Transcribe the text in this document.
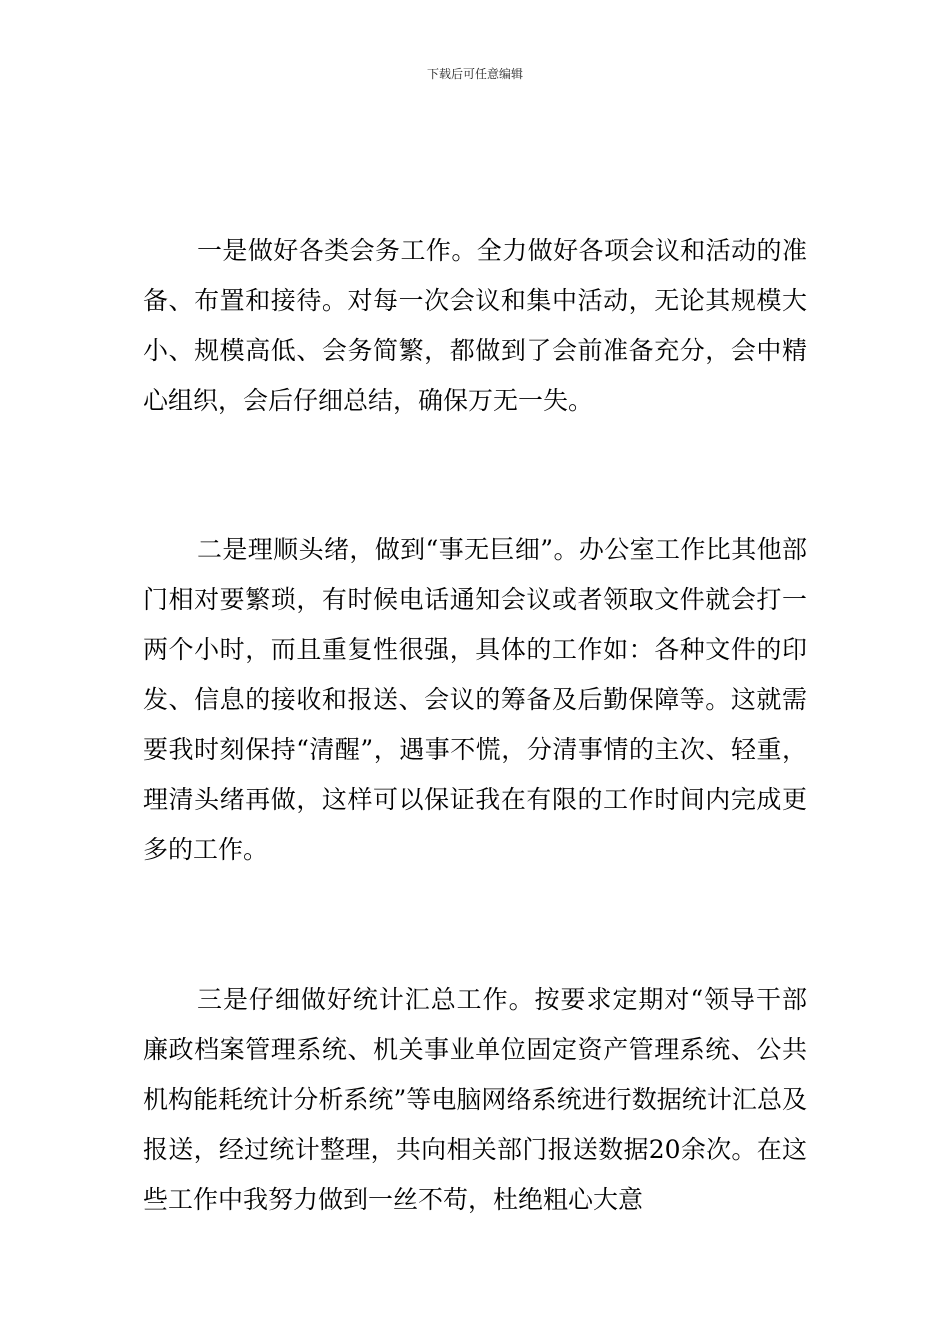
下载后可任意编辑

一是做好各类会务工作。全力做好各项会议和活动的准备、布置和接待。对每一次会议和集中活动，无论其规模大小、规模高低、会务简繁，都做到了会前准备充分，会中精心组织，会后仔细总结，确保万无一失。

二是理顺头绪，做到“事无巨细”。办公室工作比其他部门相对要繁琐，有时候电话通知会议或者领取文件就会打一两个小时，而且重复性很强，具体的工作如：各种文件的印发、信息的接收和报送、会议的筹备及后勤保障等。这就需要我时刻保持“清醒”，遇事不慌，分清事情的主次、轻重，理清头绪再做，这样可以保证我在有限的工作时间内完成更多的工作。

三是仔细做好统计汇总工作。按要求定期对“领导干部廉政档案管理系统、机关事业单位固定资产管理系统、公共机构能耗统计分析系统”等电脑网络系统进行数据统计汇总及报送，经过统计整理，共向相关部门报送数据20余次。在这些工作中我努力做到一丝不苟，杜绝粗心大意
